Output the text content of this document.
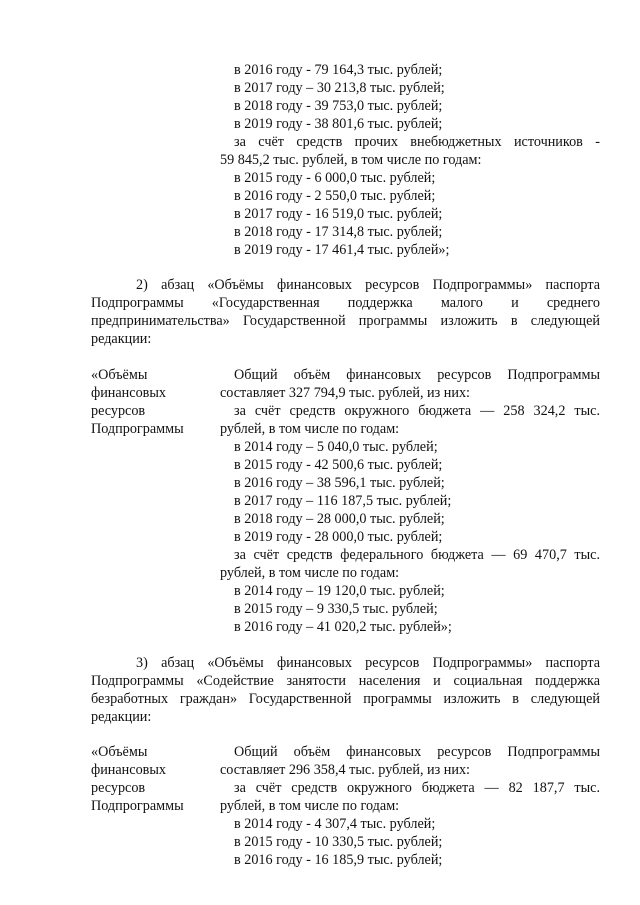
в 2016 году - 79 164,3 тыс. рублей;
в 2017 году – 30 213,8 тыс. рублей;
в 2018 году - 39 753,0 тыс. рублей;
в 2019 году - 38 801,6 тыс. рублей;
за счёт средств прочих внебюджетных источников -
59 845,2 тыс. рублей, в том числе по годам:
в 2015 году - 6 000,0 тыс. рублей;
в 2016 году - 2 550,0 тыс. рублей;
в 2017 году - 16 519,0 тыс. рублей;
в 2018 году - 17 314,8 тыс. рублей;
в 2019 году - 17 461,4 тыс. рублей»;
2) абзац «Объёмы финансовых ресурсов Подпрограммы» паспорта
Подпрограммы «Государственная поддержка малого и среднего
предпринимательства» Государственной программы изложить в следующей
редакции:
«Объёмы
финансовых
ресурсов
Подпрограммы
Общий объём финансовых ресурсов Подпрограммы
составляет 327 794,9 тыс. рублей, из них:
за счёт средств окружного бюджета — 258 324,2 тыс.
рублей, в том числе по годам:
в 2014 году – 5 040,0 тыс. рублей;
в 2015 году - 42 500,6 тыс. рублей;
в 2016 году – 38 596,1 тыс. рублей;
в 2017 году – 116 187,5 тыс. рублей;
в 2018 году – 28 000,0 тыс. рублей;
в 2019 году - 28 000,0 тыс. рублей;
за счёт средств федерального бюджета — 69 470,7 тыс.
рублей, в том числе по годам:
в 2014 году – 19 120,0 тыс. рублей;
в 2015 году – 9 330,5 тыс. рублей;
в 2016 году – 41 020,2 тыс. рублей»;
3) абзац «Объёмы финансовых ресурсов Подпрограммы» паспорта
Подпрограммы «Содействие занятости населения и социальная поддержка
безработных граждан» Государственной программы изложить в следующей
редакции:
«Объёмы
финансовых
ресурсов
Подпрограммы
Общий объём финансовых ресурсов Подпрограммы
составляет 296 358,4 тыс. рублей, из них:
за счёт средств окружного бюджета — 82 187,7 тыс.
рублей, в том числе по годам:
в 2014 году - 4 307,4 тыс. рублей;
в 2015 году - 10 330,5 тыс. рублей;
в 2016 году - 16 185,9 тыс. рублей;
